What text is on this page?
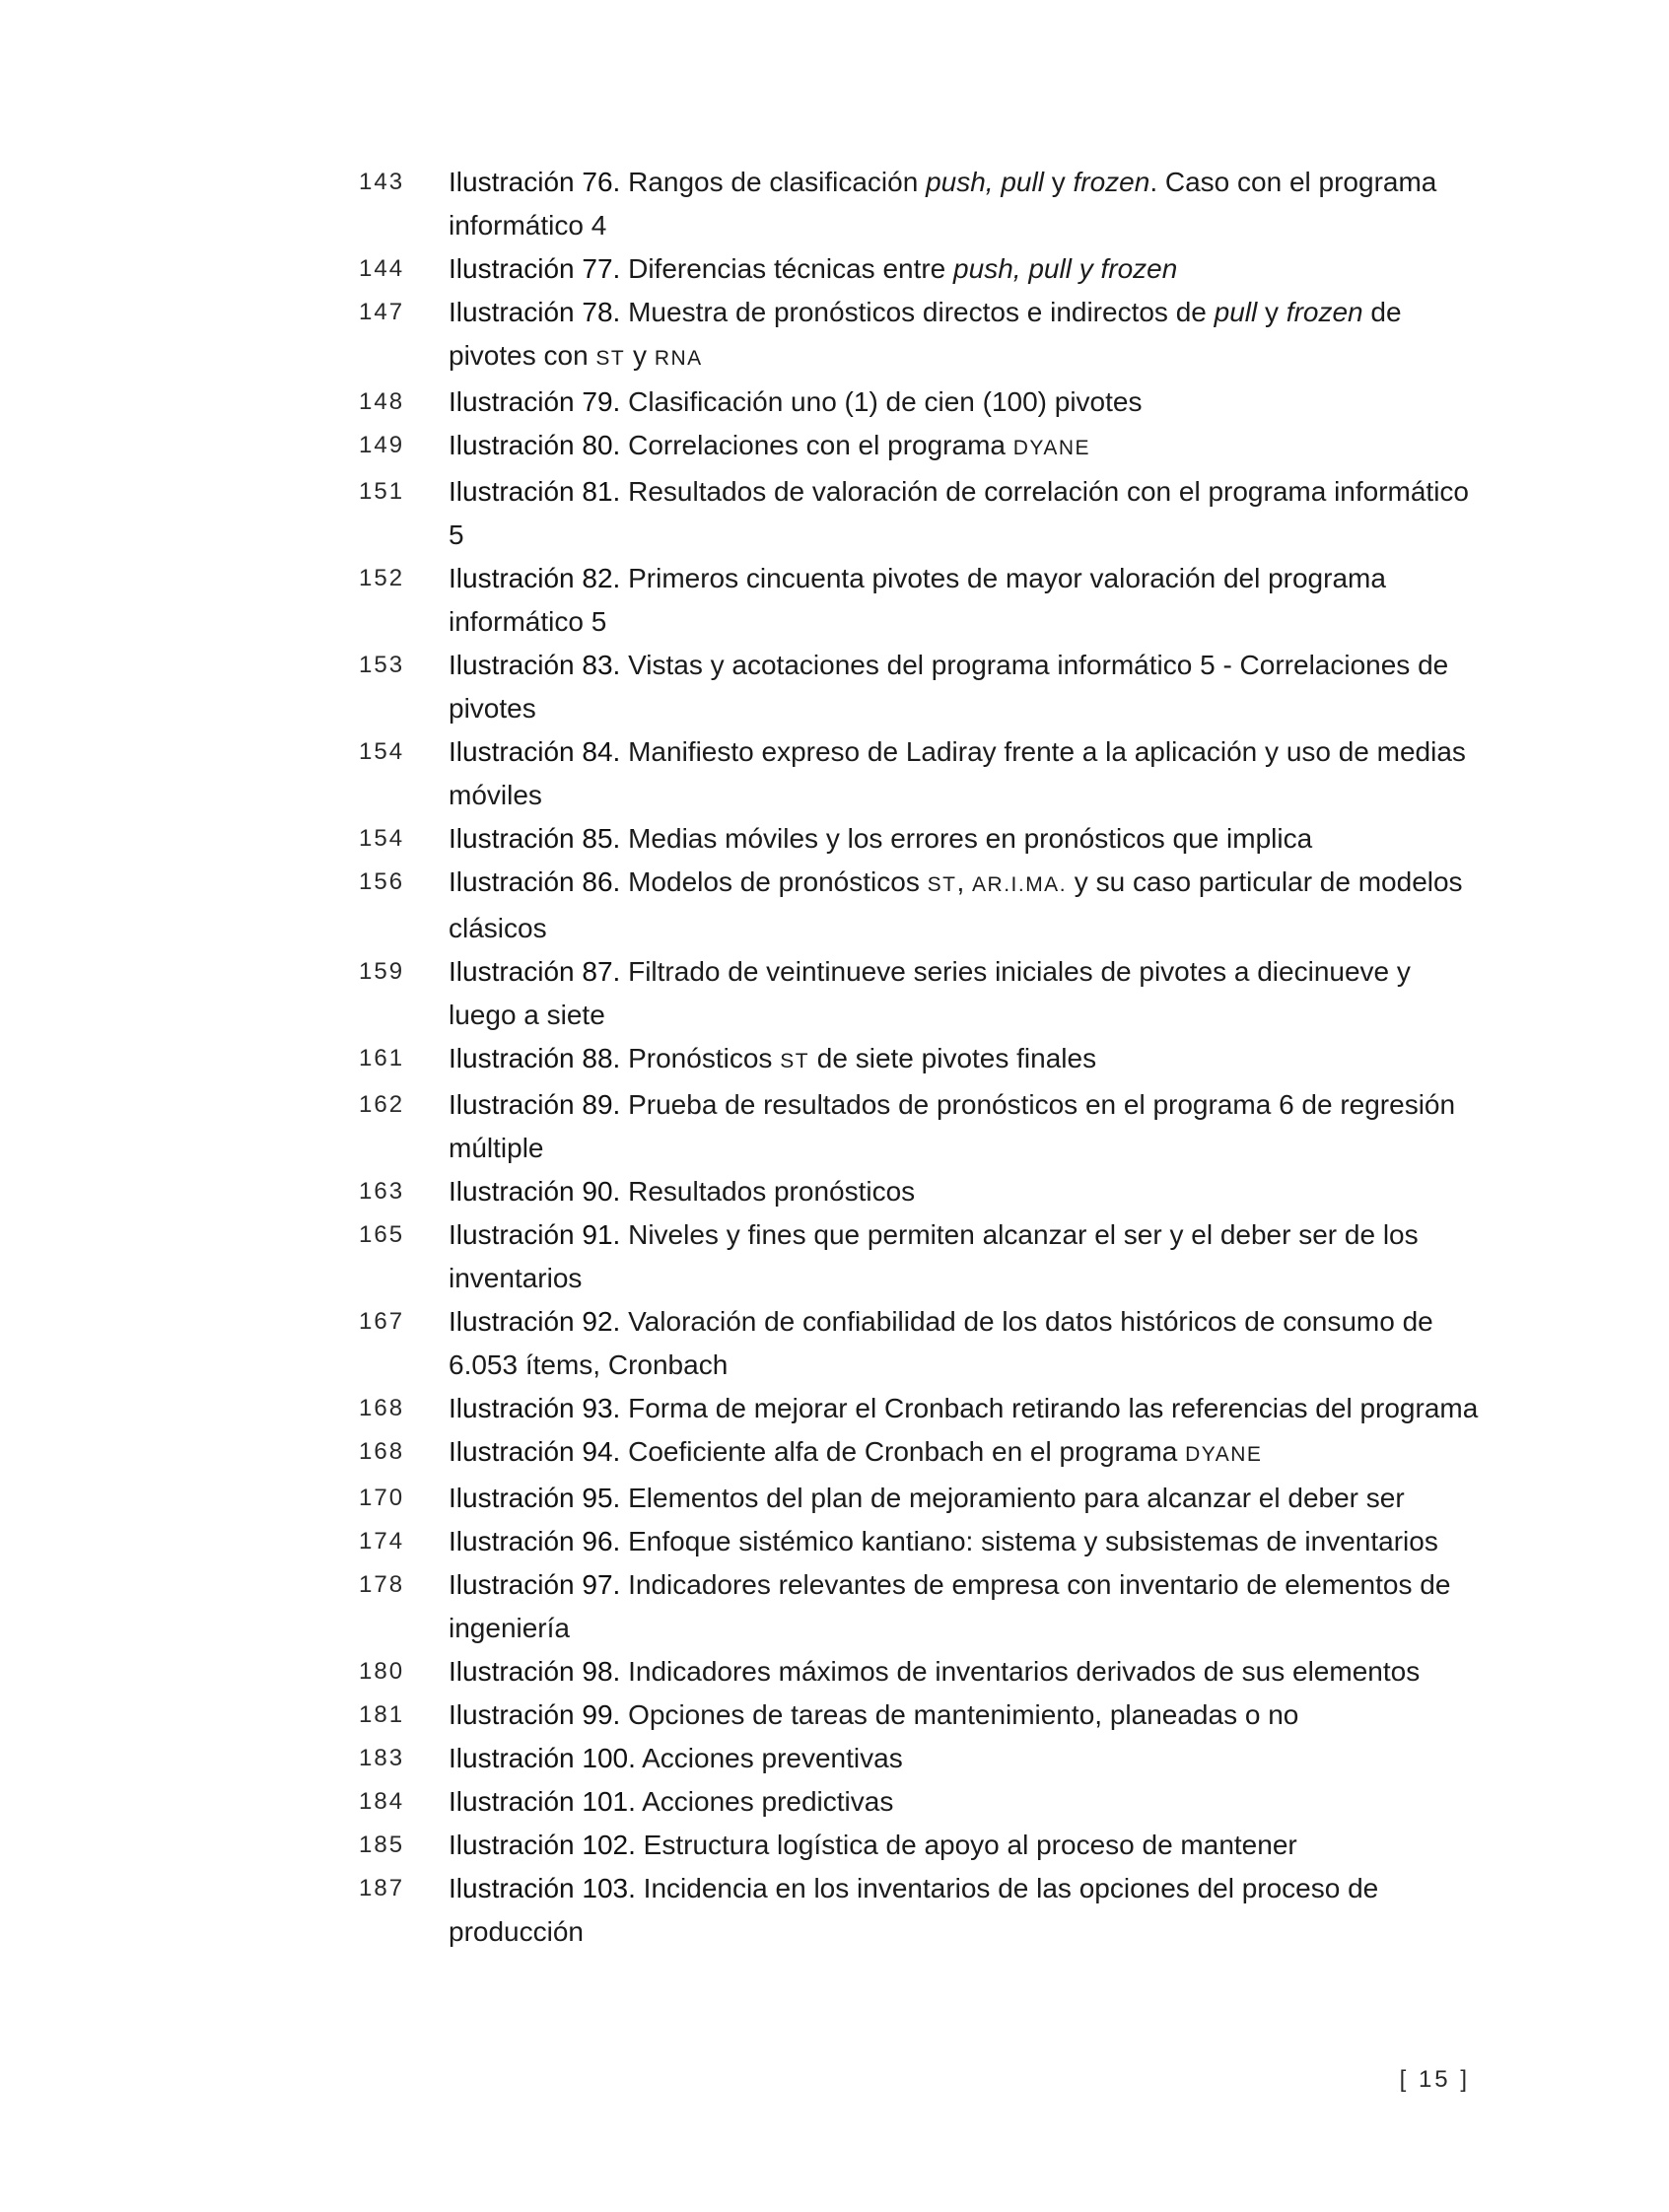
143	Ilustración 76. Rangos de clasificación push, pull y frozen. Caso con el programa informático 4
144	Ilustración 77. Diferencias técnicas entre push, pull y frozen
147	Ilustración 78. Muestra de pronósticos directos e indirectos de pull y frozen de pivotes con ST y RNA
148	Ilustración 79. Clasificación uno (1) de cien (100) pivotes
149	Ilustración 80. Correlaciones con el programa DYANE
151	Ilustración 81. Resultados de valoración de correlación con el programa informático 5
152	Ilustración 82. Primeros cincuenta pivotes de mayor valoración del programa informático 5
153	Ilustración 83. Vistas y acotaciones del programa informático 5 - Correlaciones de pivotes
154	Ilustración 84. Manifiesto expreso de Ladiray frente a la aplicación y uso de medias móviles
154	Ilustración 85. Medias móviles y los errores en pronósticos que implica
156	Ilustración 86. Modelos de pronósticos ST, AR.I.MA. y su caso particular de modelos clásicos
159	Ilustración 87. Filtrado de veintinueve series iniciales de pivotes a diecinueve y luego a siete
161	Ilustración 88. Pronósticos ST de siete pivotes finales
162	Ilustración 89. Prueba de resultados de pronósticos en el programa 6 de regresión múltiple
163	Ilustración 90. Resultados pronósticos
165	Ilustración 91. Niveles y fines que permiten alcanzar el ser y el deber ser de los inventarios
167	Ilustración 92. Valoración de confiabilidad de los datos históricos de consumo de 6.053 ítems, Cronbach
168	Ilustración 93. Forma de mejorar el Cronbach retirando las referencias del programa
168	Ilustración 94. Coeficiente alfa de Cronbach en el programa DYANE
170	Ilustración 95. Elementos del plan de mejoramiento para alcanzar el deber ser
174	Ilustración 96. Enfoque sistémico kantiano: sistema y subsistemas de inventarios
178	Ilustración 97. Indicadores relevantes de empresa con inventario de elementos de ingeniería
180	Ilustración 98. Indicadores máximos de inventarios derivados de sus elementos
181	Ilustración 99. Opciones de tareas de mantenimiento, planeadas o no
183	Ilustración 100. Acciones preventivas
184	Ilustración 101. Acciones predictivas
185	Ilustración 102. Estructura logística de apoyo al proceso de mantener
187	Ilustración 103. Incidencia en los inventarios de las opciones del proceso de producción
[ 15 ]
